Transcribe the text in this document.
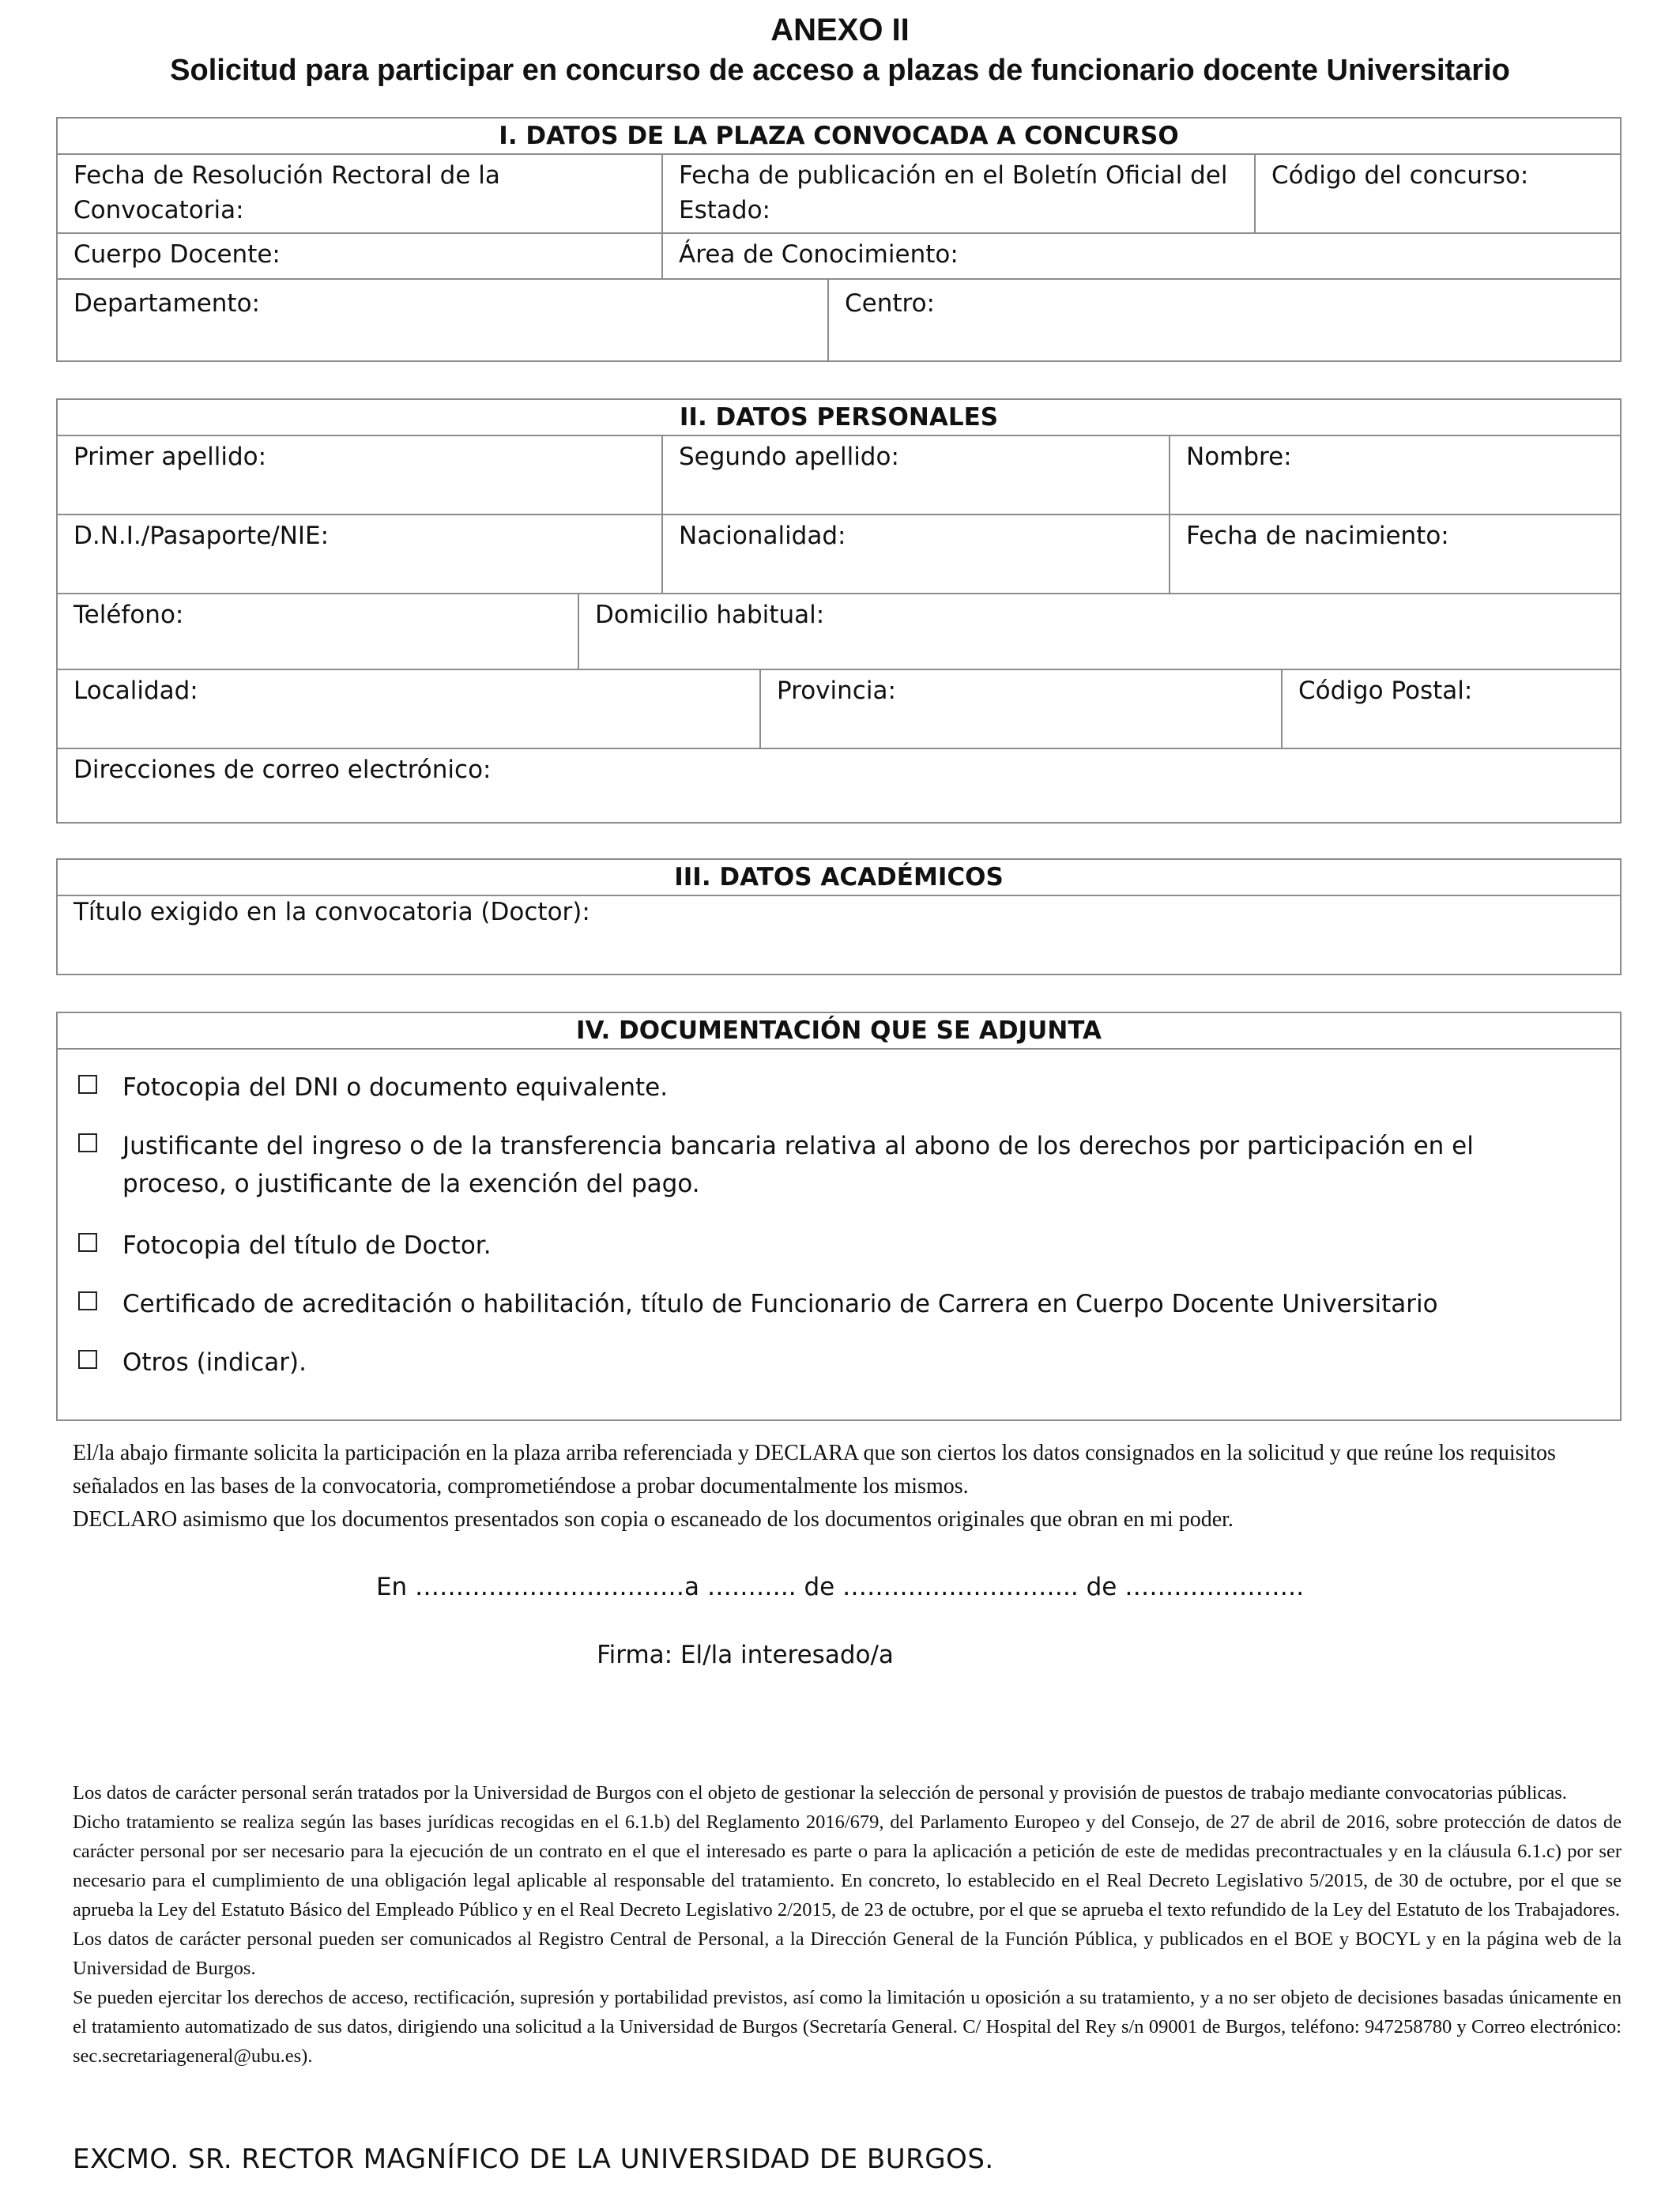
ANEXO II
Solicitud para participar en concurso de acceso a plazas de funcionario docente Universitario
I. DATOS DE LA PLAZA CONVOCADA A CONCURSO
Fecha de Resolución Rectoral de la Convocatoria:
Fecha de publicación en el Boletín Oficial del Estado:
Código del concurso:
Cuerpo Docente:	Área de Conocimiento:
Departamento:	Centro:
II. DATOS PERSONALES
Primer apellido:	Segundo apellido:	Nombre:
D.N.I./Pasaporte/NIE:	Nacionalidad:	Fecha de nacimiento:
Teléfono:	Domicilio habitual:
Localidad:	Provincia:	Código Postal:
Direcciones de correo electrónico:
III. DATOS ACADÉMICOS
Título exigido en la convocatoria (Doctor):
IV. DOCUMENTACIÓN QUE SE ADJUNTA
Fotocopia del DNI o documento equivalente.
Justificante del ingreso o de la transferencia bancaria relativa al abono de los derechos por participación en el proceso, o justificante de la exención del pago.
Fotocopia del título de Doctor.
Certificado de acreditación o habilitación, título de Funcionario de Carrera en Cuerpo Docente Universitario
Otros (indicar).
El/la abajo firmante solicita la participación en la plaza arriba referenciada y DECLARA que son ciertos los datos consignados en la solicitud y que reúne los requisitos señalados en las bases de la convocatoria, comprometiéndose a probar documentalmente los mismos.
DECLARO asimismo que los documentos presentados son copia o escaneado de los documentos originales que obran en mi poder.
En ……………………………a ……….. de ……………………….. de ………………….
Firma: El/la interesado/a

Los datos de carácter personal serán tratados por la Universidad de Burgos con el objeto de gestionar la selección de personal y provisión de puestos de trabajo mediante convocatorias públicas.

Dicho tratamiento se realiza según las bases jurídicas recogidas en el 6.1.b) del Reglamento 2016/679, del Parlamento Europeo y del Consejo, de 27 de abril de 2016, sobre protección de datos de carácter personal por ser necesario para la ejecución de un contrato en el que el interesado es parte o para la aplicación a petición de este de medidas precontractuales y en la cláusula 6.1.c) por ser necesario para el cumplimiento de una obligación legal aplicable al responsable del tratamiento. En concreto, lo establecido en el Real Decreto Legislativo 5/2015, de 30 de octubre, por el que se aprueba la Ley del Estatuto Básico del Empleado Público y en el Real Decreto Legislativo 2/2015, de 23 de octubre, por el que se aprueba el texto refundido de la Ley del Estatuto de los Trabajadores.

Los datos de carácter personal pueden ser comunicados al Registro Central de Personal, a la Dirección General de la Función Pública, y publicados en el BOE y BOCYL y en la página web de la Universidad de Burgos.

Se pueden ejercitar los derechos de acceso, rectificación, supresión y portabilidad previstos, así como la limitación u oposición a su tratamiento, y a no ser objeto de decisiones basadas únicamente en el tratamiento automatizado de sus datos, dirigiendo una solicitud a la Universidad de Burgos (Secretaría General. C/ Hospital del Rey s/n 09001 de Burgos, teléfono: 947258780 y Correo electrónico: sec.secretariageneral@ubu.es).

EXCMO. SR. RECTOR MAGNÍFICO DE LA UNIVERSIDAD DE BURGOS.
